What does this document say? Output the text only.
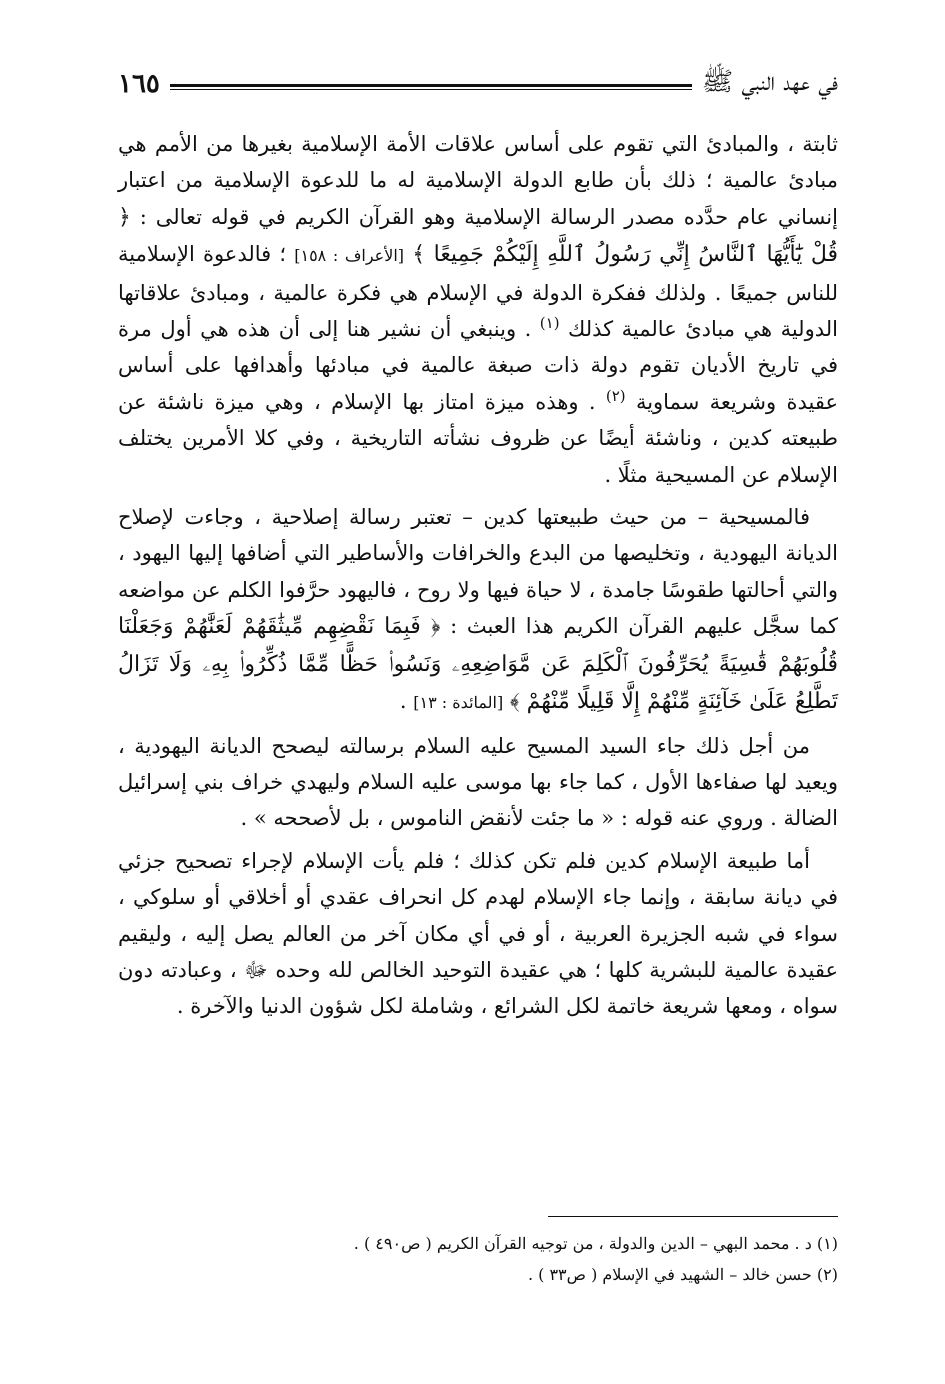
في عهد النبي ﷺ
١٦٥

ثابتة ، والمبادئ التي تقوم على أساس علاقات الأمة الإسلامية بغيرها من الأمم هي مبادئ عالمية ؛ ذلك بأن طابع الدولة الإسلامية له ما للدعوة الإسلامية من اعتبار إنساني عام حدَّده مصدر الرسالة الإسلامية وهو القرآن الكريم في قوله تعالى : ﴿ قُلْ يَٰٓأَيُّهَا ٱلنَّاسُ إِنِّي رَسُولُ ٱللَّهِ إِلَيْكُمْ جَمِيعًا ﴾ [الأعراف : ١٥٨] ؛ فالدعوة الإسلامية للناس جميعًا . ولذلك ففكرة الدولة في الإسلام هي فكرة عالمية ، ومبادئ علاقاتها الدولية هي مبادئ عالمية كذلك $^{(١)}$ . وينبغي أن نشير هنا إلى أن هذه هي أول مرة في تاريخ الأديان تقوم دولة ذات صبغة عالمية في مبادئها وأهدافها على أساس عقيدة وشريعة سماوية $^{(٢)}$ . وهذه ميزة امتاز بها الإسلام ، وهي ميزة ناشئة عن طبيعته كدين ، وناشئة أيضًا عن ظروف نشأته التاريخية ، وفي كلا الأمرين يختلف الإسلام عن المسيحية مثلًا .

فالمسيحية – من حيث طبيعتها كدين – تعتبر رسالة إصلاحية ، وجاءت لإصلاح الديانة اليهودية ، وتخليصها من البدع والخرافات والأساطير التي أضافها إليها اليهود ، والتي أحالتها طقوسًا جامدة ، لا حياة فيها ولا روح ، فاليهود حرَّفوا الكلم عن مواضعه كما سجَّل عليهم القرآن الكريم هذا العبث : ﴿ فَبِمَا نَقْضِهِم مِّيثَٰقَهُمْ لَعَنَّٰهُمْ وَجَعَلْنَا قُلُوبَهُمْ قَٰسِيَةً يُحَرِّفُونَ ٱلْكَلِمَ عَن مَّوَاضِعِهِۦ وَنَسُوا۟ حَظًّا مِّمَّا ذُكِّرُوا۟ بِهِۦ وَلَا تَزَالُ تَطَّلِعُ عَلَىٰ خَآئِنَةٍ مِّنْهُمْ إِلَّا قَلِيلًا مِّنْهُمْ ﴾ [المائدة : ١٣] .

من أجل ذلك جاء السيد المسيح عليه السلام برسالته ليصحح الديانة اليهودية ، ويعيد لها صفاءها الأول ، كما جاء بها موسى عليه السلام وليهدي خراف بني إسرائيل الضالة . وروي عنه قوله : « ما جئت لأنقض الناموس ، بل لأصححه » .

أما طبيعة الإسلام كدين فلم تكن كذلك ؛ فلم يأت الإسلام لإجراء تصحيح جزئي في ديانة سابقة ، وإنما جاء الإسلام لهدم كل انحراف عقدي أو أخلاقي أو سلوكي ، سواء في شبه الجزيرة العربية ، أو في أي مكان آخر من العالم يصل إليه ، وليقيم عقيدة عالمية للبشرية كلها ؛ هي عقيدة التوحيد الخالص لله وحده ﷻ ، وعبادته دون سواه ، ومعها شريعة خاتمة لكل الشرائع ، وشاملة لكل شؤون الدنيا والآخرة .

(١) د . محمد البهي – الدين والدولة ، من توجيه القرآن الكريم ( ص٤٩٠ ) .
(٢) حسن خالد – الشهيد في الإسلام ( ص٣٣ ) .
